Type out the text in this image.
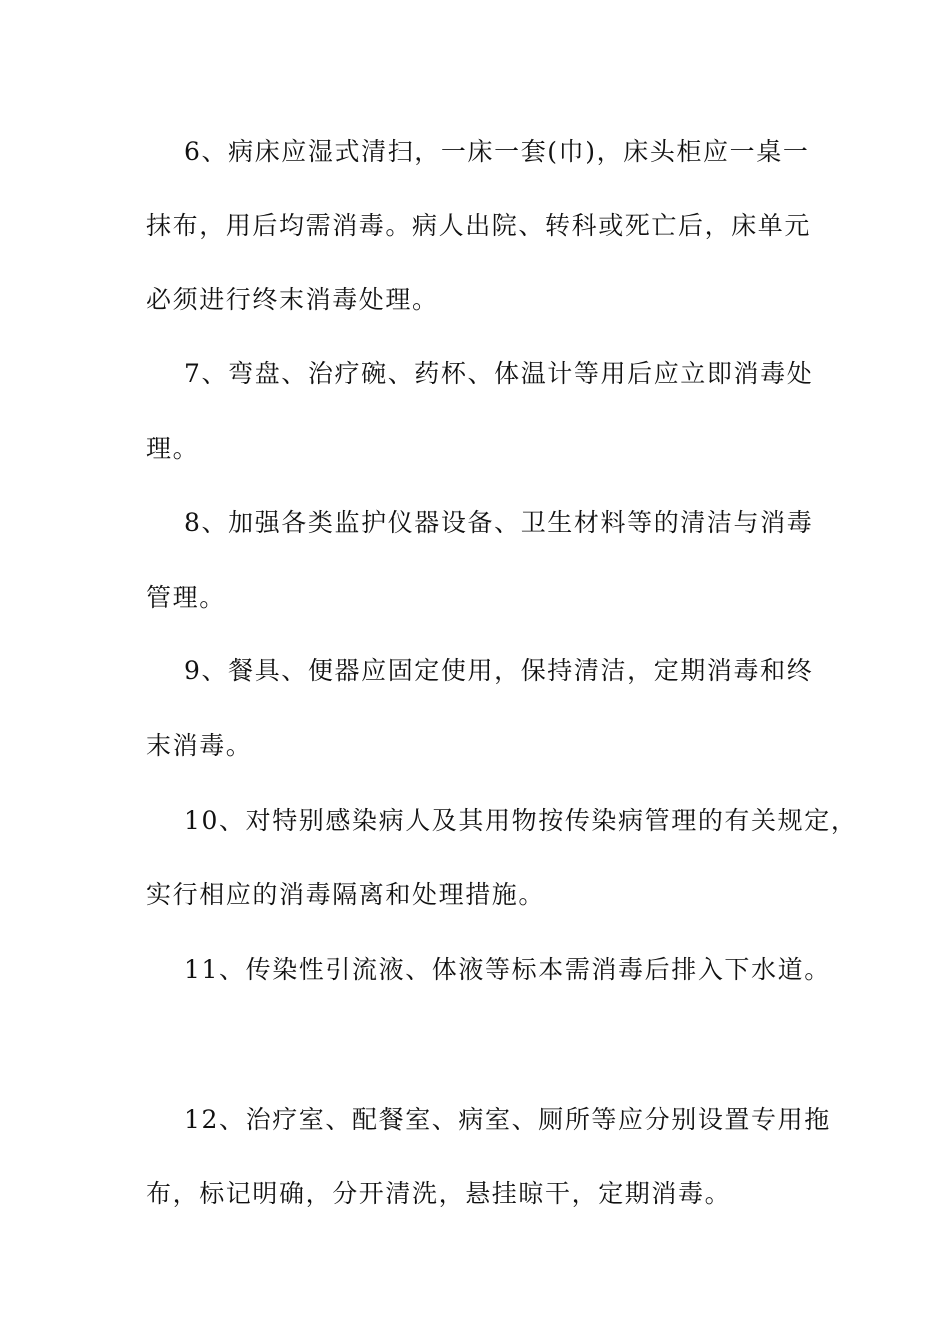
6、病床应湿式清扫，一床一套(巾)，床头柜应一桌一
抹布，用后均需消毒。病人出院、转科或死亡后，床单元
必须进行终末消毒处理。
7、弯盘、治疗碗、药杯、体温计等用后应立即消毒处
理。
8、加强各类监护仪器设备、卫生材料等的清洁与消毒
管理。
9、餐具、便器应固定使用，保持清洁，定期消毒和终
末消毒。
10、对特别感染病人及其用物按传染病管理的有关规定，
实行相应的消毒隔离和处理措施。
11、传染性引流液、体液等标本需消毒后排入下水道。
12、治疗室、配餐室、病室、厕所等应分别设置专用拖
布，标记明确，分开清洗，悬挂晾干，定期消毒。
